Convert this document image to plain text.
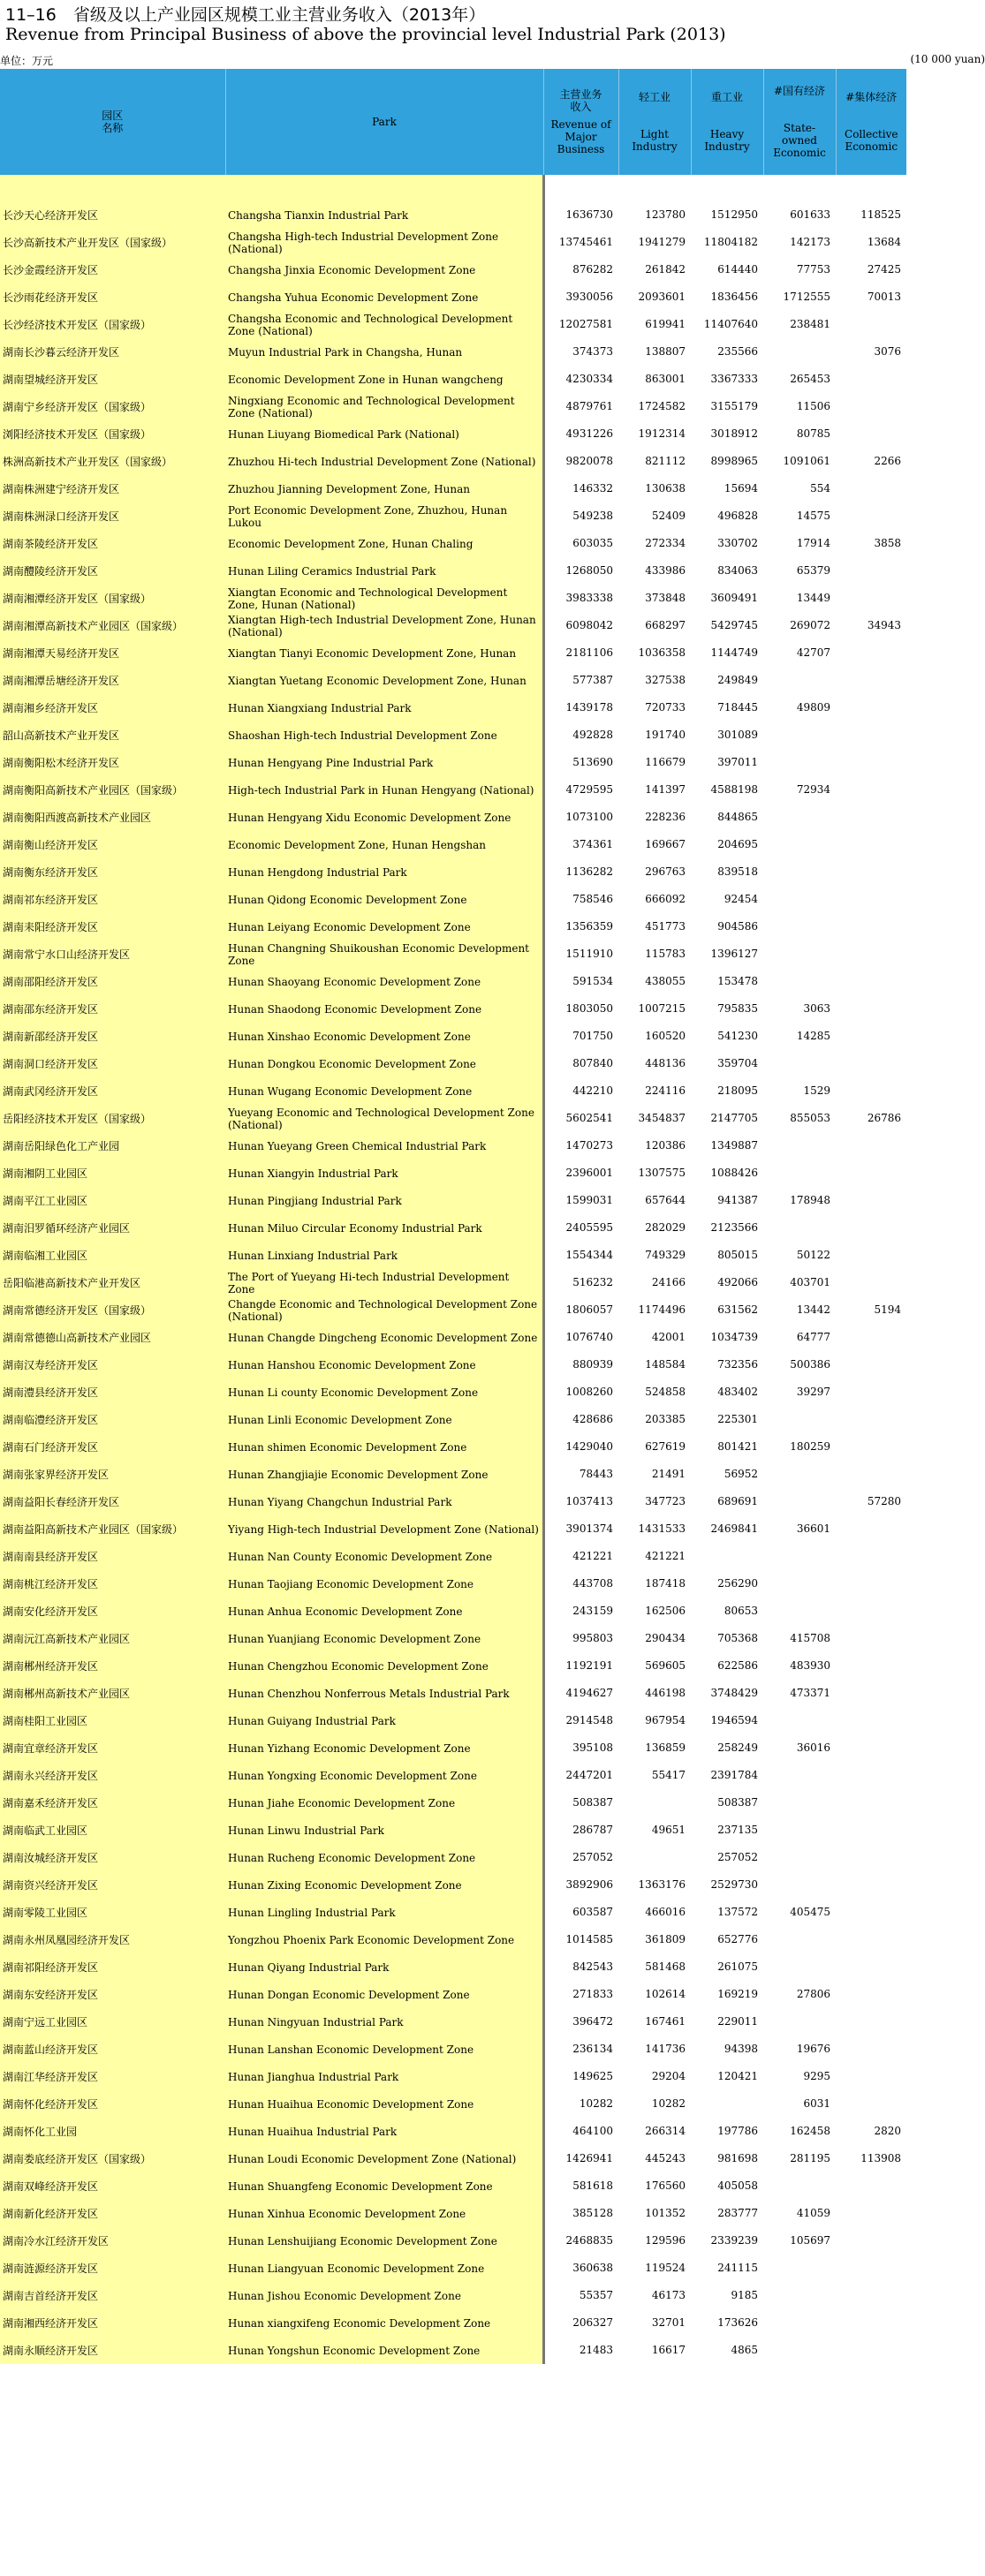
11–16　省级及以上产业园区规模工业主营业务收入（2013年）
Revenue from Principal Business of above the provincial level Industrial Park (2013)
单位：万元	(10 000 yuan)
园区
名称	Park	主营业务
收入
Revenue of
Major
Business	轻工业
Light
Industry	重工业
Heavy
Industry	#国有经济
State-owned
Economic	#集体经济
Collective
Economic

长沙天心经济开发区	Changsha Tianxin Industrial Park	1636730	123780	1512950	601633	118525
长沙高新技术产业开发区（国家级）	Changsha High-tech Industrial Development Zone (National)	13745461	1941279	11804182	142173	13684
长沙金霞经济开发区	Changsha Jinxia Economic Development Zone	876282	261842	614440	77753	27425
长沙雨花经济开发区	Changsha Yuhua Economic Development Zone	3930056	2093601	1836456	1712555	70013
长沙经济技术开发区（国家级）	Changsha Economic and Technological Development Zone (National)	12027581	619941	11407640	238481	
湖南长沙暮云经济开发区	Muyun Industrial Park in Changsha, Hunan	374373	138807	235566		3076
湖南望城经济开发区	Economic Development Zone in Hunan wangcheng	4230334	863001	3367333	265453	
湖南宁乡经济开发区（国家级）	Ningxiang Economic and Technological Development Zone (National)	4879761	1724582	3155179	11506	
浏阳经济技术开发区（国家级）	Hunan Liuyang Biomedical Park (National)	4931226	1912314	3018912	80785	
株洲高新技术产业开发区（国家级）	Zhuzhou Hi-tech Industrial Development Zone (National)	9820078	821112	8998965	1091061	2266
湖南株洲建宁经济开发区	Zhuzhou Jianning Development Zone, Hunan	146332	130638	15694	554	
湖南株洲渌口经济开发区	Port Economic Development Zone, Zhuzhou, Hunan Lukou	549238	52409	496828	14575	
湖南茶陵经济开发区	Economic Development Zone, Hunan Chaling	603035	272334	330702	17914	3858
湖南醴陵经济开发区	Hunan Liling Ceramics Industrial Park	1268050	433986	834063	65379	
湖南湘潭经济开发区（国家级）	Xiangtan Economic and Technological Development Zone, Hunan (National)	3983338	373848	3609491	13449	
湖南湘潭高新技术产业园区（国家级）	Xiangtan High-tech Industrial Development Zone, Hunan (National)	6098042	668297	5429745	269072	34943
湖南湘潭天易经济开发区	Xiangtan Tianyi Economic Development Zone, Hunan	2181106	1036358	1144749	42707	
湖南湘潭岳塘经济开发区	Xiangtan Yuetang Economic Development Zone, Hunan	577387	327538	249849		
湖南湘乡经济开发区	Hunan Xiangxiang Industrial Park	1439178	720733	718445	49809	
韶山高新技术产业开发区	Shaoshan High-tech Industrial Development Zone	492828	191740	301089		
湖南衡阳松木经济开发区	Hunan Hengyang Pine Industrial Park	513690	116679	397011		
湖南衡阳高新技术产业园区（国家级）	High-tech Industrial Park in Hunan Hengyang (National)	4729595	141397	4588198	72934	
湖南衡阳西渡高新技术产业园区	Hunan Hengyang Xidu Economic Development Zone	1073100	228236	844865		
湖南衡山经济开发区	Economic Development Zone, Hunan Hengshan	374361	169667	204695		
湖南衡东经济开发区	Hunan Hengdong Industrial Park	1136282	296763	839518		
湖南祁东经济开发区	Hunan Qidong Economic Development Zone	758546	666092	92454		
湖南耒阳经济开发区	Hunan Leiyang Economic Development Zone	1356359	451773	904586		
湖南常宁水口山经济开发区	Hunan Changning Shuikoushan Economic Development Zone	1511910	115783	1396127		
湖南邵阳经济开发区	Hunan Shaoyang Economic Development Zone	591534	438055	153478		
湖南邵东经济开发区	Hunan Shaodong Economic Development Zone	1803050	1007215	795835	3063	
湖南新邵经济开发区	Hunan Xinshao Economic Development Zone	701750	160520	541230	14285	
湖南洞口经济开发区	Hunan Dongkou Economic Development Zone	807840	448136	359704		
湖南武冈经济开发区	Hunan Wugang Economic Development Zone	442210	224116	218095	1529	
岳阳经济技术开发区（国家级）	Yueyang Economic and Technological Development Zone (National)	5602541	3454837	2147705	855053	26786
湖南岳阳绿色化工产业园	Hunan Yueyang Green Chemical Industrial Park	1470273	120386	1349887		
湖南湘阴工业园区	Hunan Xiangyin Industrial Park	2396001	1307575	1088426		
湖南平江工业园区	Hunan Pingjiang Industrial Park	1599031	657644	941387	178948	
湖南汨罗循环经济产业园区	Hunan Miluo Circular Economy Industrial Park	2405595	282029	2123566		
湖南临湘工业园区	Hunan Linxiang Industrial Park	1554344	749329	805015	50122	
岳阳临港高新技术产业开发区	The Port of Yueyang Hi-tech Industrial Development Zone	516232	24166	492066	403701	
湖南常德经济开发区（国家级）	Changde Economic and Technological Development Zone (National)	1806057	1174496	631562	13442	5194
湖南常德德山高新技术产业园区	Hunan Changde Dingcheng Economic Development Zone	1076740	42001	1034739	64777	
湖南汉寿经济开发区	Hunan Hanshou Economic Development Zone	880939	148584	732356	500386	
湖南澧县经济开发区	Hunan Li county Economic Development Zone	1008260	524858	483402	39297	
湖南临澧经济开发区	Hunan Linli Economic Development Zone	428686	203385	225301		
湖南石门经济开发区	Hunan shimen Economic Development Zone	1429040	627619	801421	180259	
湖南张家界经济开发区	Hunan Zhangjiajie Economic Development Zone	78443	21491	56952		
湖南益阳长春经济开发区	Hunan Yiyang Changchun Industrial Park	1037413	347723	689691		57280
湖南益阳高新技术产业园区（国家级）	Yiyang High-tech Industrial Development Zone (National)	3901374	1431533	2469841	36601	
湖南南县经济开发区	Hunan Nan County Economic Development Zone	421221	421221			
湖南桃江经济开发区	Hunan Taojiang Economic Development Zone	443708	187418	256290		
湖南安化经济开发区	Hunan Anhua Economic Development Zone	243159	162506	80653		
湖南沅江高新技术产业园区	Hunan Yuanjiang Economic Development Zone	995803	290434	705368	415708	
湖南郴州经济开发区	Hunan Chengzhou Economic Development Zone	1192191	569605	622586	483930	
湖南郴州高新技术产业园区	Hunan Chenzhou Nonferrous Metals Industrial Park	4194627	446198	3748429	473371	
湖南桂阳工业园区	Hunan Guiyang Industrial Park	2914548	967954	1946594		
湖南宜章经济开发区	Hunan Yizhang Economic Development Zone	395108	136859	258249	36016	
湖南永兴经济开发区	Hunan Yongxing Economic Development Zone	2447201	55417	2391784		
湖南嘉禾经济开发区	Hunan Jiahe Economic Development Zone	508387		508387		
湖南临武工业园区	Hunan Linwu Industrial Park	286787	49651	237135		
湖南汝城经济开发区	Hunan Rucheng Economic Development Zone	257052		257052		
湖南资兴经济开发区	Hunan Zixing Economic Development Zone	3892906	1363176	2529730		
湖南零陵工业园区	Hunan Lingling Industrial Park	603587	466016	137572	405475	
湖南永州凤凰园经济开发区	Yongzhou Phoenix Park Economic Development Zone	1014585	361809	652776		
湖南祁阳经济开发区	Hunan Qiyang Industrial Park	842543	581468	261075		
湖南东安经济开发区	Hunan Dongan Economic Development Zone	271833	102614	169219	27806	
湖南宁远工业园区	Hunan Ningyuan Industrial Park	396472	167461	229011		
湖南蓝山经济开发区	Hunan Lanshan Economic Development Zone	236134	141736	94398	19676	
湖南江华经济开发区	Hunan Jianghua Industrial Park	149625	29204	120421	9295	
湖南怀化经济开发区	Hunan Huaihua Economic Development Zone	10282	10282		6031	
湖南怀化工业园	Hunan Huaihua Industrial Park	464100	266314	197786	162458	2820
湖南娄底经济开发区（国家级）	Hunan Loudi Economic Development Zone (National)	1426941	445243	981698	281195	113908
湖南双峰经济开发区	Hunan Shuangfeng Economic Development Zone	581618	176560	405058		
湖南新化经济开发区	Hunan Xinhua Economic Development Zone	385128	101352	283777	41059	
湖南冷水江经济开发区	Hunan Lenshuijiang Economic Development Zone	2468835	129596	2339239	105697	
湖南涟源经济开发区	Hunan Liangyuan Economic Development Zone	360638	119524	241115		
湖南吉首经济开发区	Hunan Jishou Economic Development Zone	55357	46173	9185		
湖南湘西经济开发区	Hunan xiangxifeng Economic Development Zone	206327	32701	173626		
湖南永顺经济开发区	Hunan Yongshun Economic Development Zone	21483	16617	4865		
